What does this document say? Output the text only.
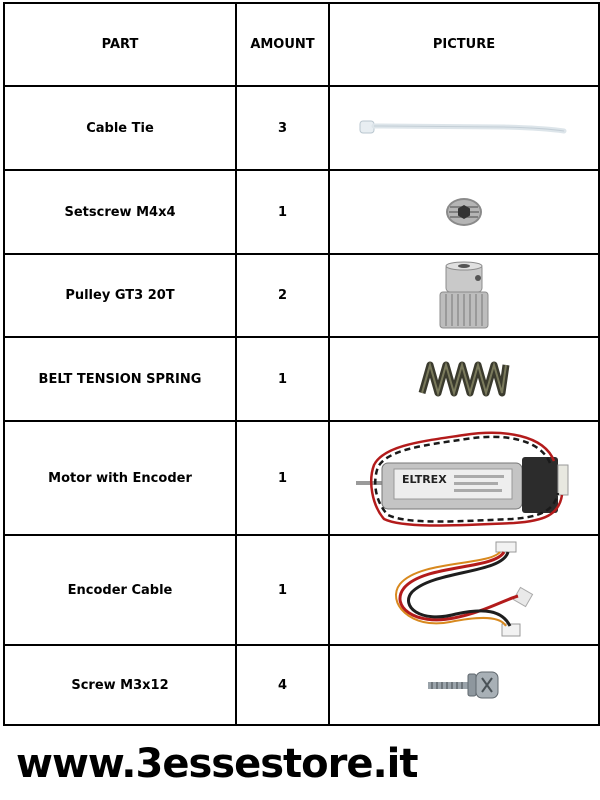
PART	AMOUNT	PICTURE
Cable Tie	3	

Setscrew M4x4	1	

Pulley GT3 20T	2	

BELT TENSION SPRING	1	

Motor with Encoder	1	ELTREX

Encoder Cable	1	

Screw M3x12	4	
www.3essestore.it
